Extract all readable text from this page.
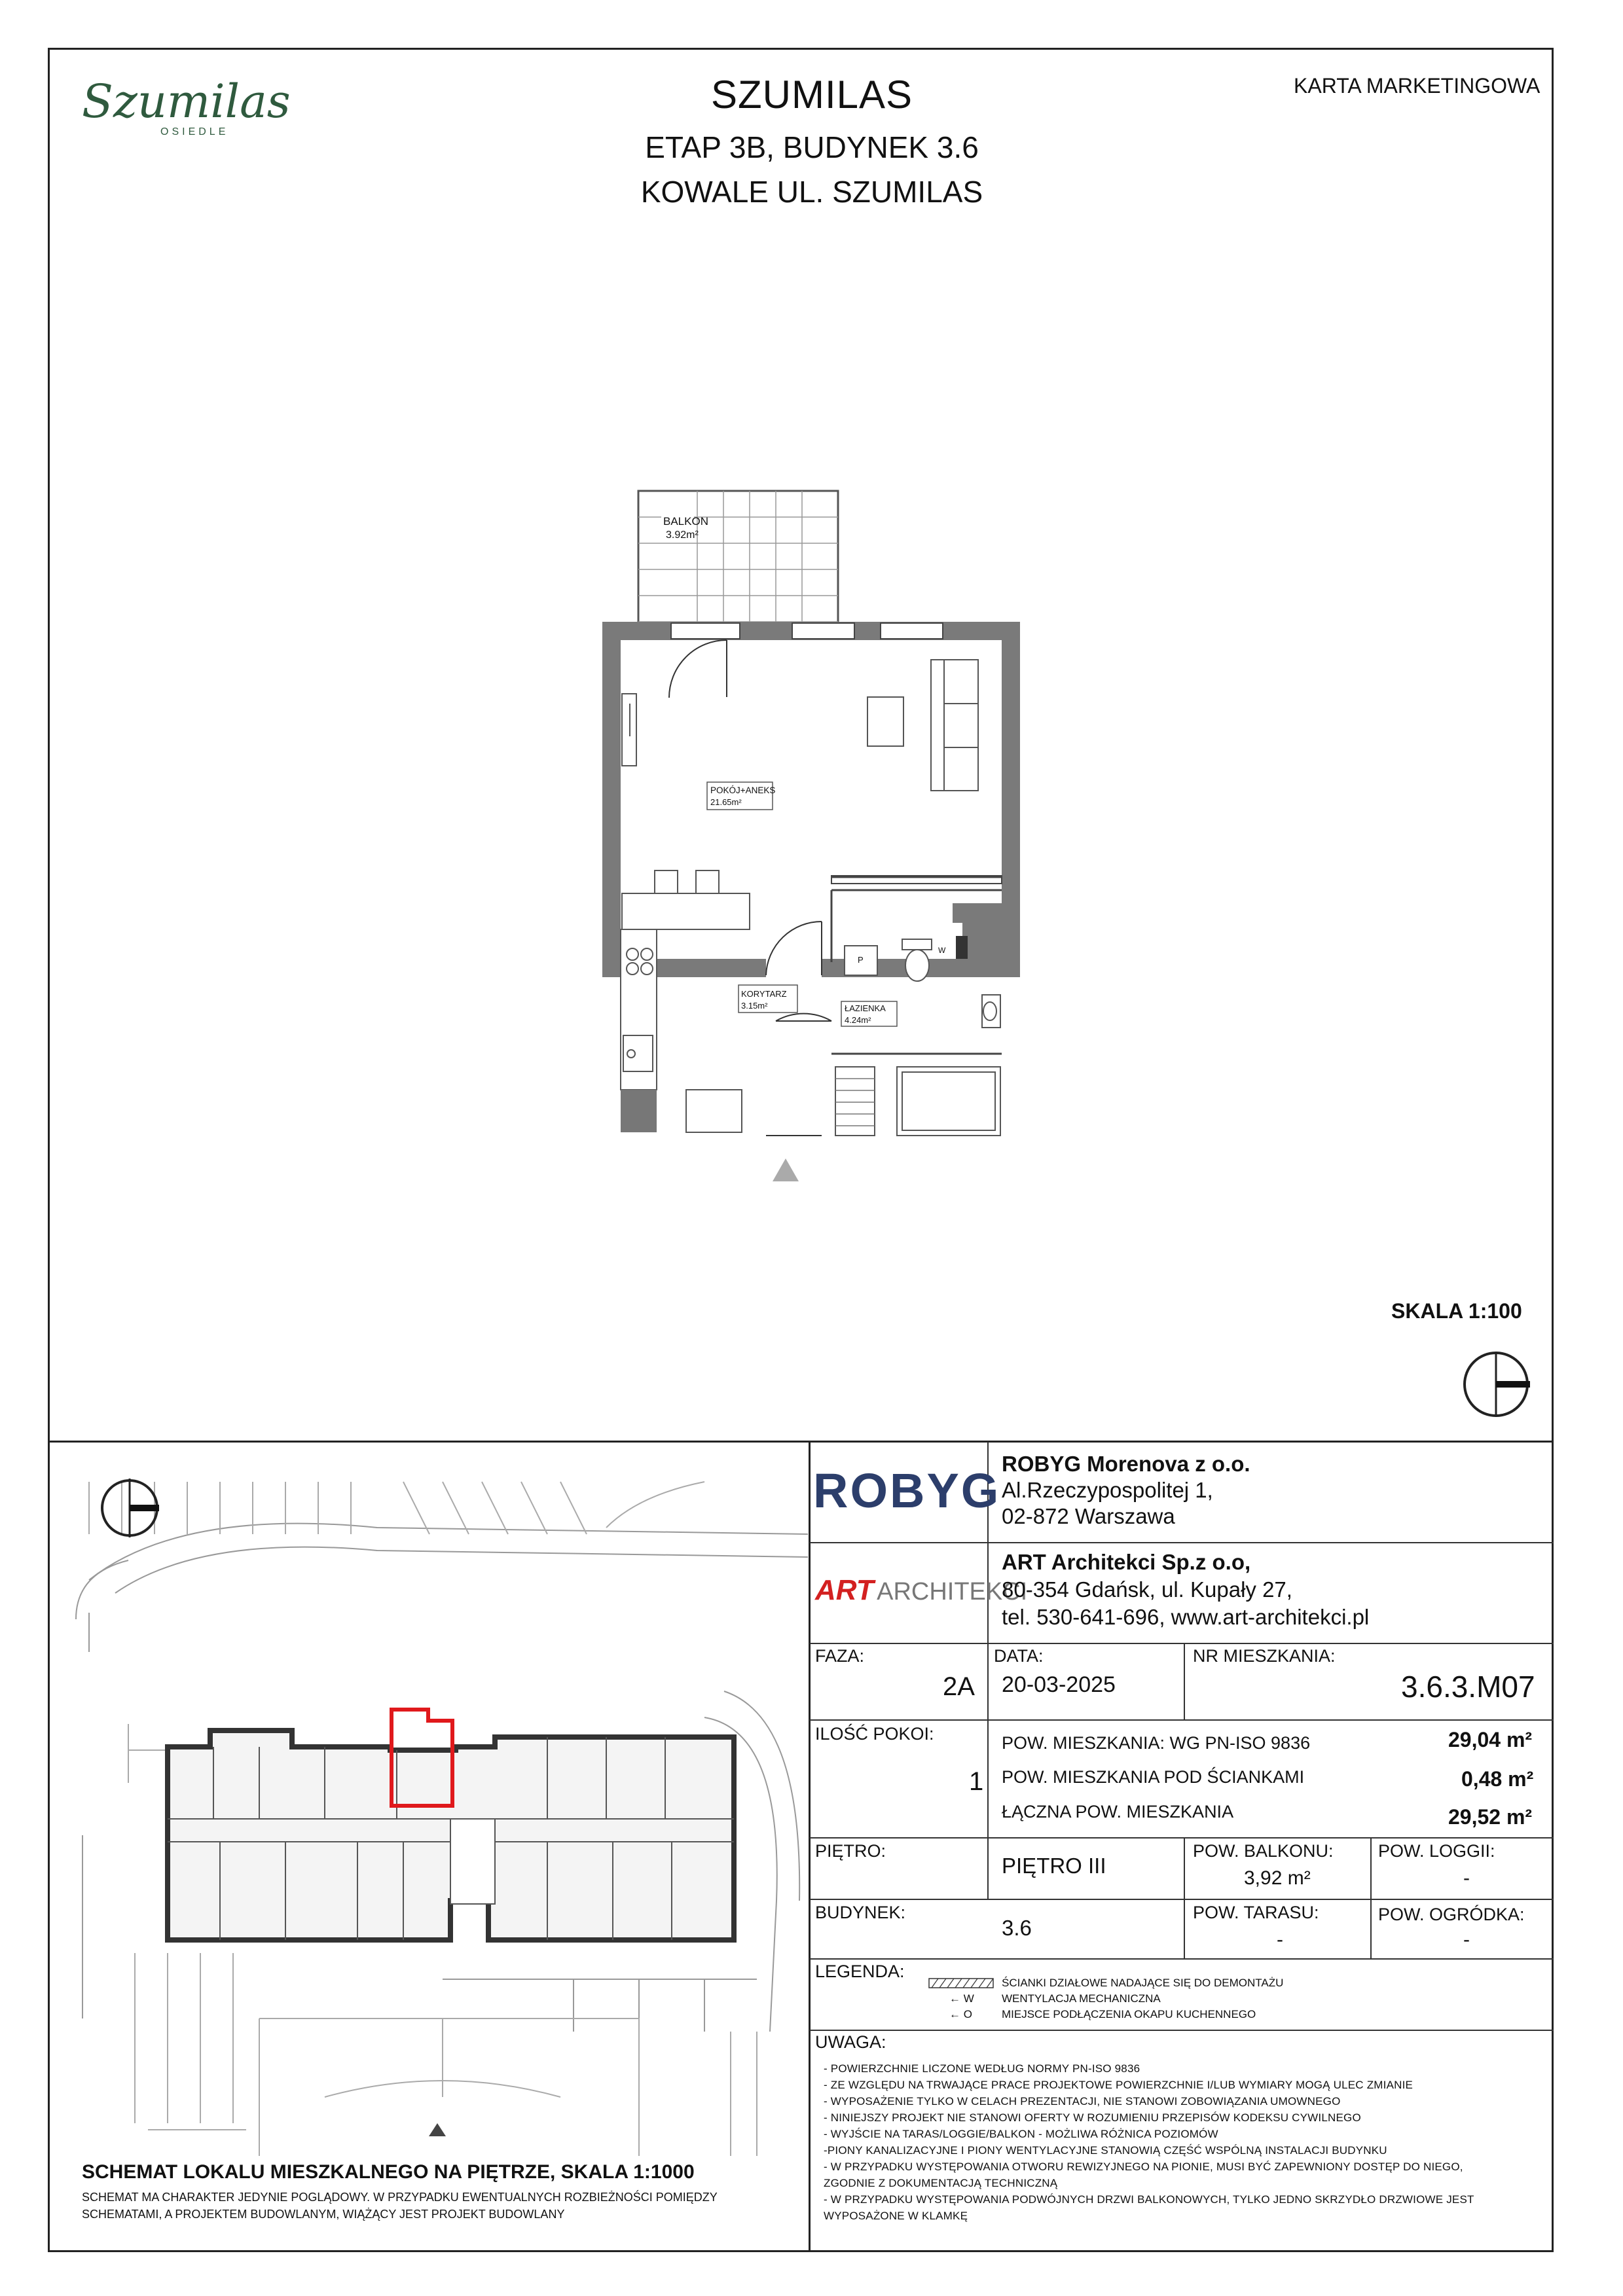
Szumilas
OSIEDLE
SZUMILAS
ETAP 3B, BUDYNEK 3.6
KOWALE UL. SZUMILAS
KARTA MARKETINGOWA
BALKON
3.92m²
POKÓJ+ANEKS
21.65m²
P
W
ŁAZIENKA
4.24m²
KORYTARZ
3.15m²
SKALA 1:100
SCHEMAT LOKALU MIESZKALNEGO NA PIĘTRZE, SKALA 1:1000
SCHEMAT MA CHARAKTER JEDYNIE POGLĄDOWY. W PRZYPADKU EWENTUALNYCH ROZBIEŻNOŚCI POMIĘDZY
SCHEMATAMI, A PROJEKTEM BUDOWLANYM, WIĄŻĄCY JEST PROJEKT BUDOWLANY
ROBYG ROBYG Morenova z o.o.
Al.Rzeczypospolitej 1,
02-872 Warszawa
ART ARCHITEKCI
ART Architekci Sp.z o.o,
80-354 Gdańsk, ul. Kupały 27,
tel. 530-641-696, www.art-architekci.pl
FAZA:
2A
DATA:
20-03-2025
NR MIESZKANIA:
3.6.3.M07
ILOŚĆ POKOI:
1
POW. MIESZKANIA: WG PN-ISO 9836	29,04 m²
POW. MIESZKANIA POD ŚCIANKAMI	0,48 m²
ŁĄCZNA POW. MIESZKANIA	29,52 m²
PIĘTRO:
PIĘTRO III
POW. BALKONU:
3,92 m²
POW. LOGGII:
-
BUDYNEK:
3.6
POW. TARASU:
-
POW. OGRÓDKA:
-
LEGENDA:
ŚCIANKI DZIAŁOWE NADAJĄCE SIĘ DO DEMONTAŻU
← W WENTYLACJA MECHANICZNA
← O	MIEJSCE PODŁĄCZENIA OKAPU KUCHENNEGO
UWAGA:
- POWIERZCHNIE LICZONE WEDŁUG NORMY PN-ISO 9836
- ZE WZGLĘDU NA TRWAJĄCE PRACE PROJEKTOWE POWIERZCHNIE I/LUB WYMIARY MOGĄ ULEC ZMIANIE
- WYPOSAŻENIE TYLKO W CELACH PREZENTACJI, NIE STANOWI ZOBOWIĄZANIA UMOWNEGO
- NINIEJSZY PROJEKT NIE STANOWI OFERTY W ROZUMIENIU PRZEPISÓW KODEKSU CYWILNEGO
- WYJŚCIE NA TARAS/LOGGIE/BALKON - MOŻLIWA RÓŻNICA POZIOMÓW
-PIONY KANALIZACYJNE I PIONY WENTYLACYJNE STANOWIĄ CZĘŚĆ WSPÓLNĄ INSTALACJI BUDYNKU
- W PRZYPADKU WYSTĘPOWANIA OTWORU REWIZYJNEGO NA PIONIE, MUSI BYĆ ZAPEWNIONY DOSTĘP DO NIEGO,
ZGODNIE Z DOKUMENTACJĄ TECHNICZNĄ
- W PRZYPADKU WYSTĘPOWANIA PODWÓJNYCH DRZWI BALKONOWYCH, TYLKO JEDNO SKRZYDŁO DRZWIOWE JEST
WYPOSAŻONE W KLAMKĘ
